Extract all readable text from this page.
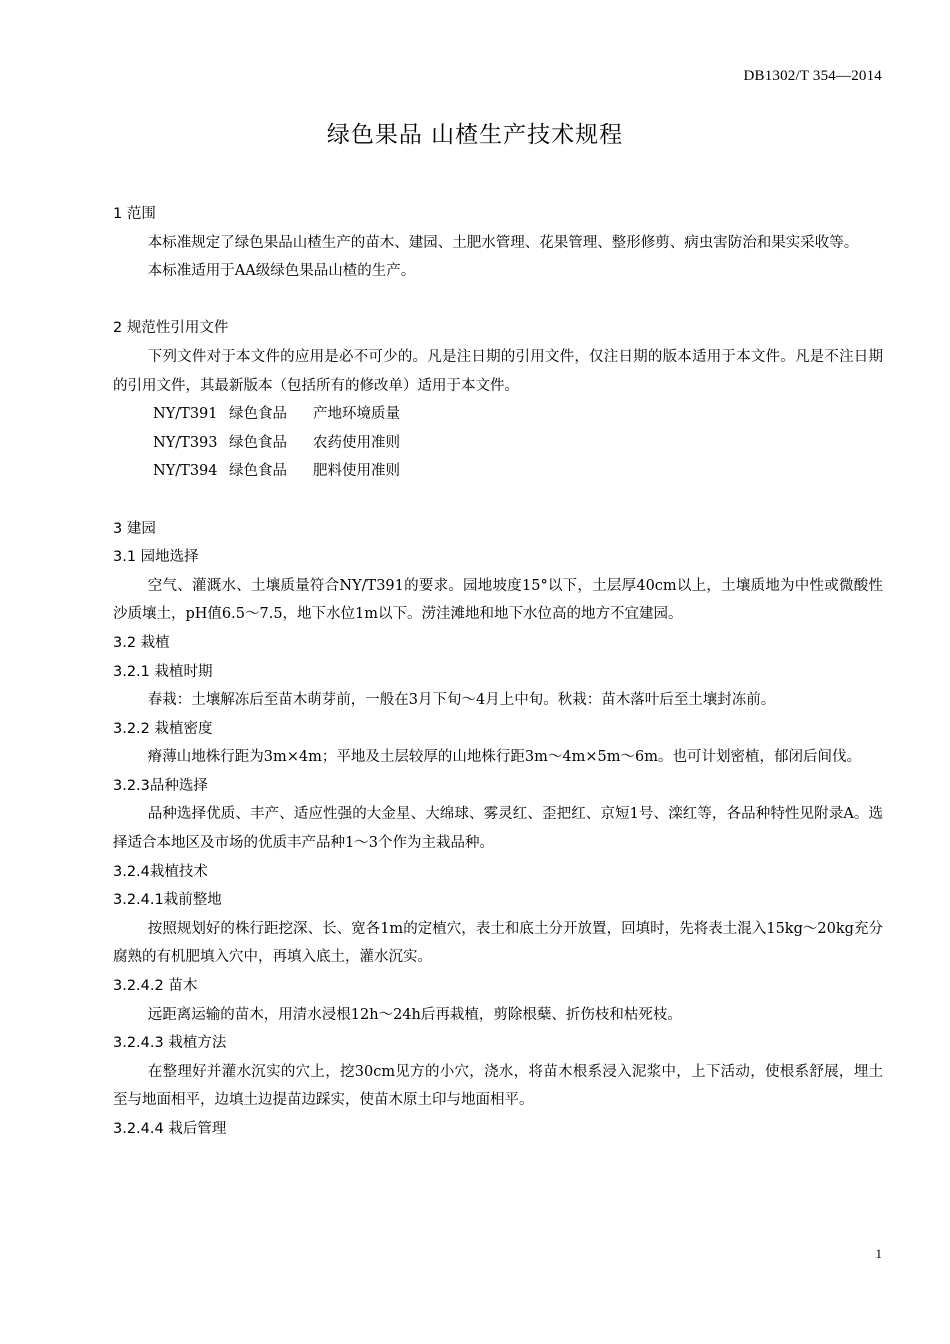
DB1302/T 354—2014
绿色果品 山楂生产技术规程

1 范围

本标准规定了绿色果品山楂生产的苗木、建园、土肥水管理、花果管理、整形修剪、病虫害防治和果实采收等。

本标准适用于AA级绿色果品山楂的生产。

2 规范性引用文件

下列文件对于本文件的应用是必不可少的。凡是注日期的引用文件，仅注日期的版本适用于本文件。凡是不注日期的引用文件，其最新版本（包括所有的修改单）适用于本文件。

NY/T391 绿色食品 产地环境质量

NY/T393 绿色食品 农药使用准则

NY/T394 绿色食品 肥料使用准则

3 建园

3.1 园地选择

空气、灌溉水、土壤质量符合NY/T391的要求。园地坡度15°以下，土层厚40cm以上，土壤质地为中性或微酸性沙质壤土，pH值6.5～7.5，地下水位1m以下。涝洼滩地和地下水位高的地方不宜建园。

3.2 栽植

3.2.1 栽植时期

春栽：土壤解冻后至苗木萌芽前，一般在3月下旬～4月上中旬。秋栽：苗木落叶后至土壤封冻前。

3.2.2 栽植密度

瘠薄山地株行距为3m×4m；平地及土层较厚的山地株行距3m～4m×5m～6m。也可计划密植，郁闭后间伐。

3.2.3品种选择

品种选择优质、丰产、适应性强的大金星、大绵球、雾灵红、歪把红、京短1号、滦红等，各品种特性见附录A。选择适合本地区及市场的优质丰产品种1～3个作为主栽品种。

3.2.4栽植技术

3.2.4.1栽前整地

按照规划好的株行距挖深、长、宽各1m的定植穴，表土和底土分开放置，回填时，先将表土混入15kg～20kg充分腐熟的有机肥填入穴中，再填入底土，灌水沉实。

3.2.4.2 苗木

远距离运输的苗木，用清水浸根12h～24h后再栽植，剪除根蘖、折伤枝和枯死枝。

3.2.4.3 栽植方法

在整理好并灌水沉实的穴上，挖30cm见方的小穴，浇水，将苗木根系浸入泥浆中，上下活动，使根系舒展，埋土至与地面相平，边填土边提苗边踩实，使苗木原土印与地面相平。

3.2.4.4 栽后管理

1
